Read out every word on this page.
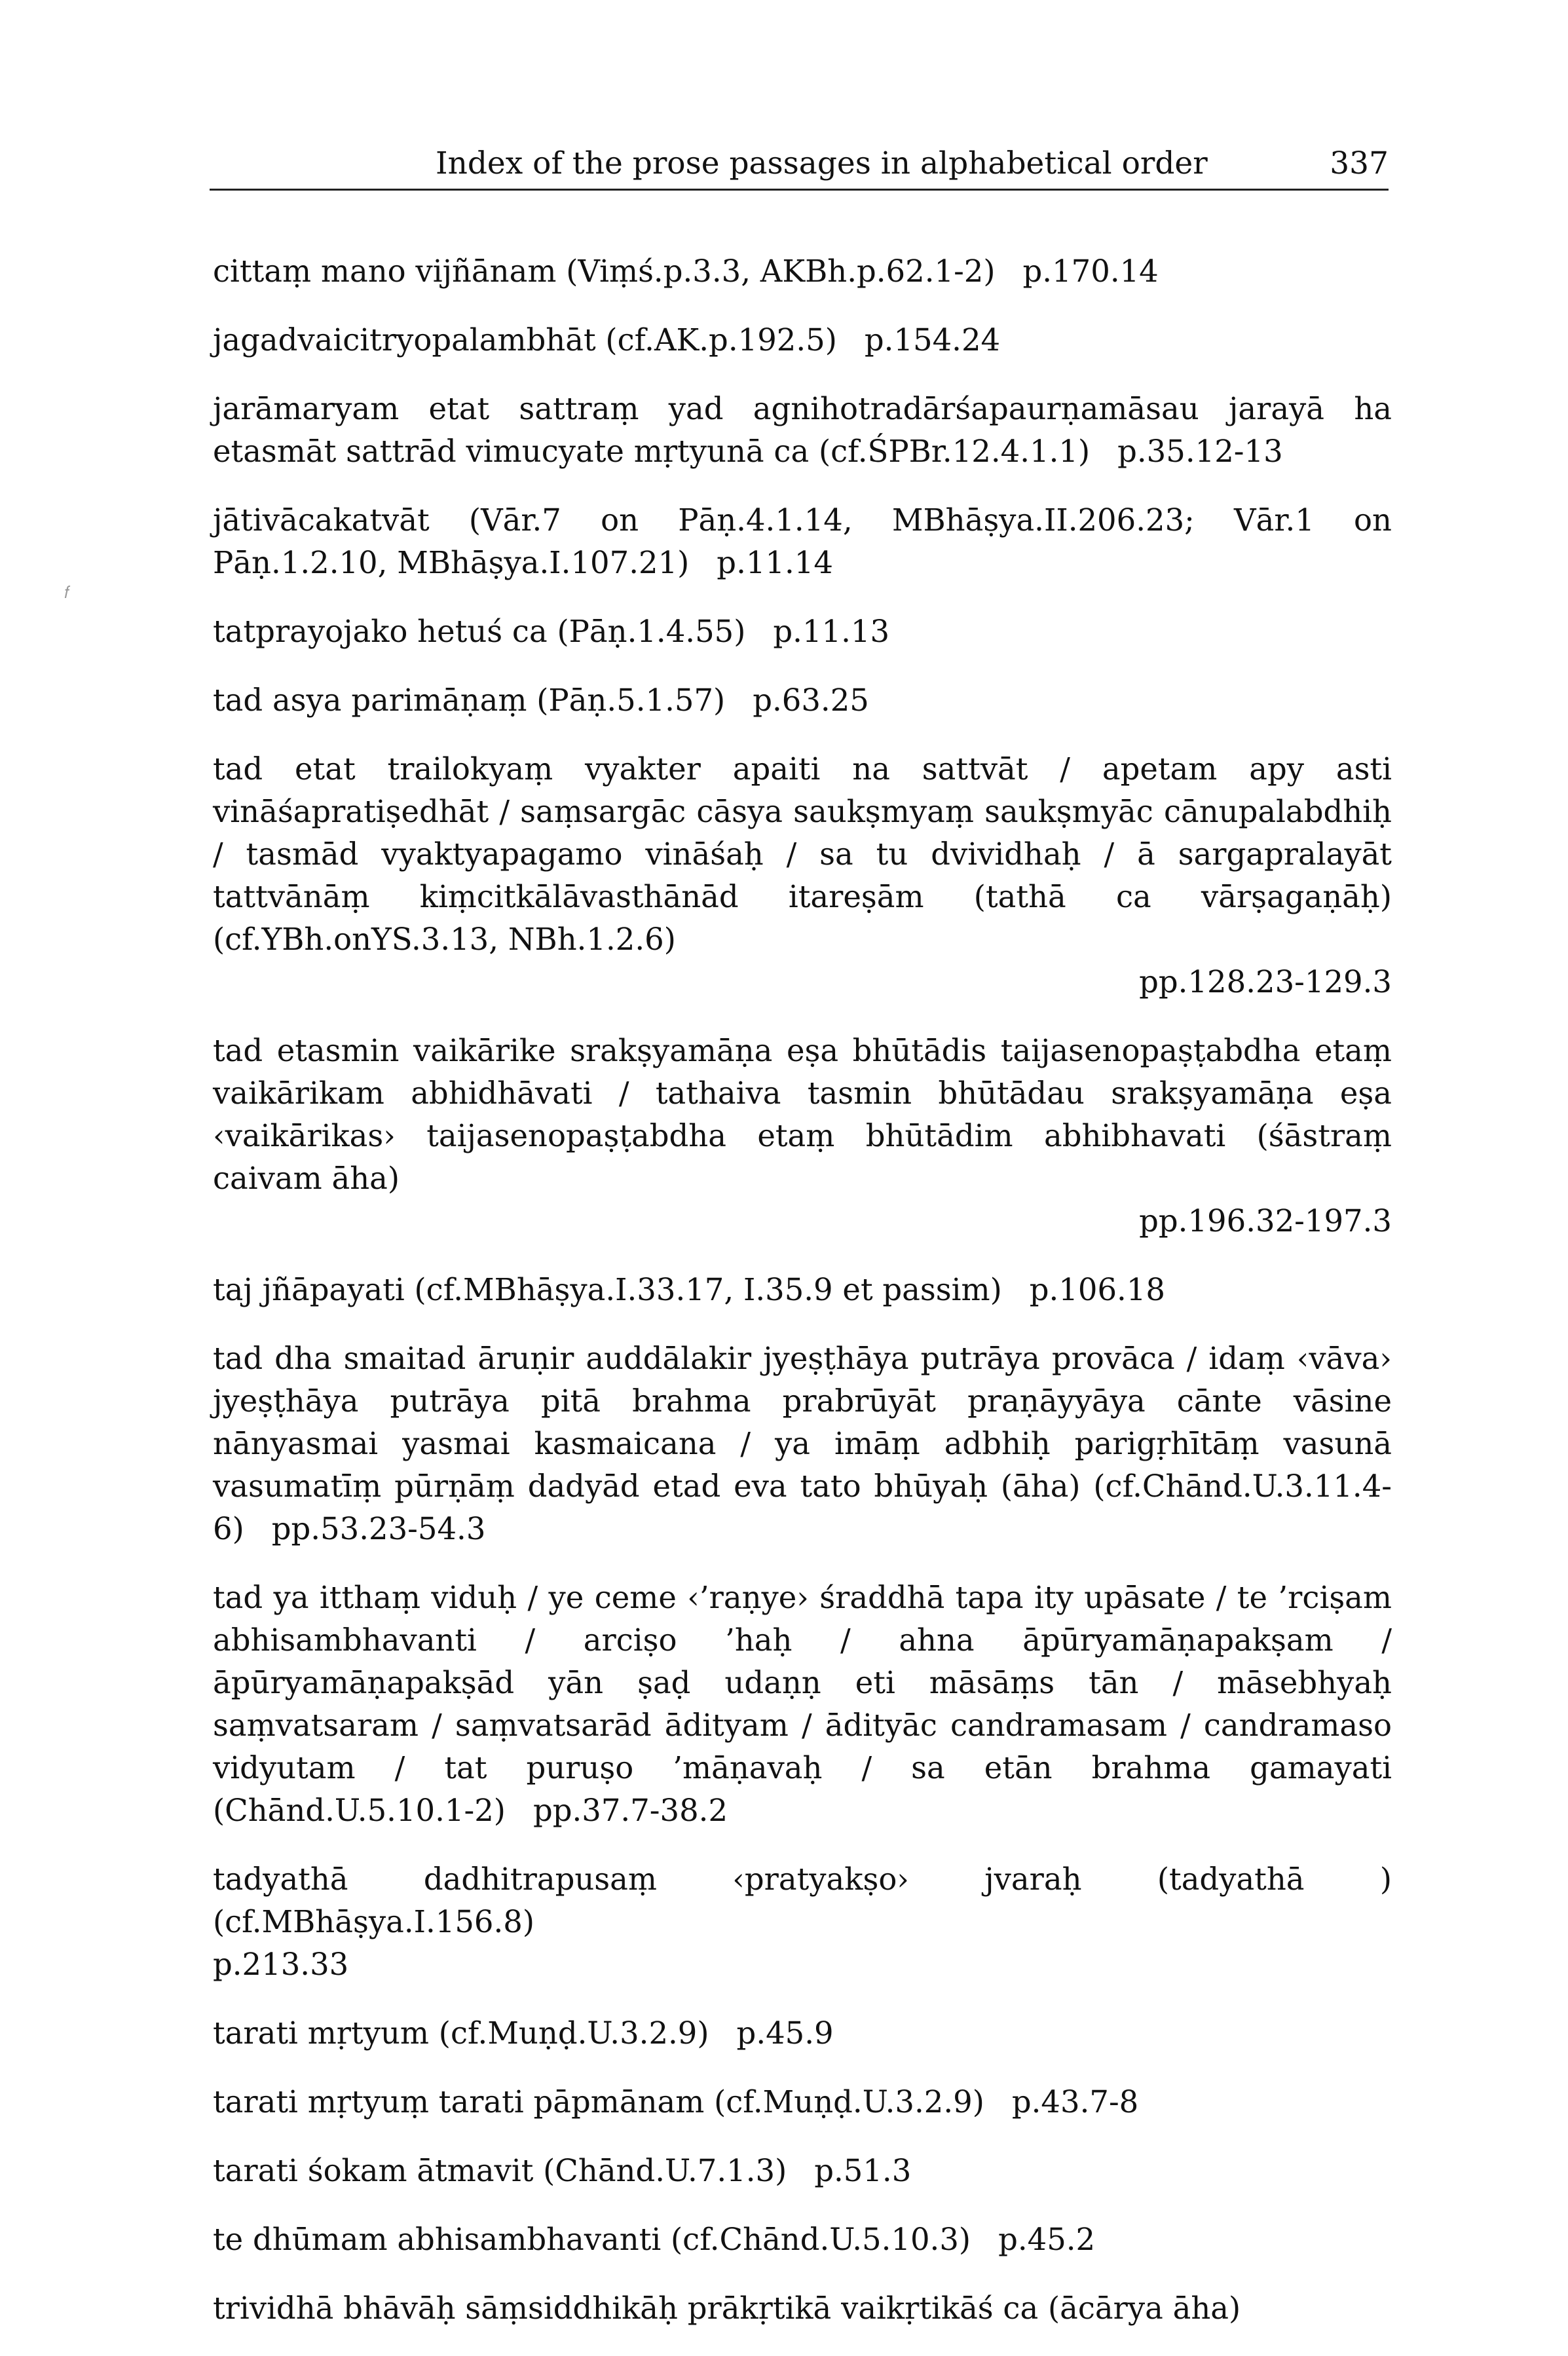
Index of the prose passages in alphabetical order	337
𝑓

cittaṃ mano vijñānam (Viṃś.p.3.3, AKBh.p.62.1-2) p.170.14

jagadvaicitryopalambhāt (cf.AK.p.192.5) p.154.24

jarāmaryam etat sattraṃ yad agnihotradārśapaurṇamāsau jarayā ha etasmāt sattrād vimucyate mṛtyunā ca (cf.ŚPBr.12.4.1.1) p.35.12-13

jātivācakatvāt (Vār.7 on Pāṇ.4.1.14, MBhāṣya.II.206.23; Vār.1 on Pāṇ.1.2.10, MBhāṣya.I.107.21) p.11.14

tatprayojako hetuś ca (Pāṇ.1.4.55) p.11.13

tad asya parimāṇaṃ (Pāṇ.5.1.57) p.63.25

tad etat trailokyaṃ vyakter apaiti na sattvāt / apetam apy asti vināśapratiṣedhāt / saṃsargāc cāsya saukṣmyaṃ saukṣmyāc cānupalabdhiḥ / tasmād vyaktyapagamo vināśaḥ / sa tu dvividhaḥ / ā sargapralayāt tattvānāṃ kiṃcitkālāvasthānād itareṣām (tathā ca vārṣagaṇāḥ) (cf.YBh.onYS.3.13, NBh.1.2.6)
pp.128.23-129.3

tad etasmin vaikārike srakṣyamāṇa eṣa bhūtādis taijasenopaṣṭabdha etaṃ vaikārikam abhidhāvati / tathaiva tasmin bhūtādau srakṣyamāṇa eṣa ‹vaikārikas› taijasenopaṣṭabdha etaṃ bhūtādim abhibhavati (śāstraṃ caivam āha)
pp.196.32-197.3

taj jñāpayati (cf.MBhāṣya.I.33.17, I.35.9 et passim) p.106.18

tad dha smaitad āruṇir auddālakir jyeṣṭhāya putrāya provāca / idaṃ ‹vāva› jyeṣṭhāya putrāya pitā brahma prabrūyāt praṇāyyāya cānte vāsine nānyasmai yasmai kasmaicana / ya imāṃ adbhiḥ parigṛhītāṃ vasunā vasumatīṃ pūrṇāṃ dadyād etad eva tato bhūyaḥ (āha) (cf.Chānd.U.3.11.4-6) pp.53.23-54.3

tad ya itthaṃ viduḥ / ye ceme ‹’raṇye› śraddhā tapa ity upāsate / te ’rciṣam abhisambhavanti / arciṣo ’haḥ / ahna āpūryamāṇapakṣam / āpūryamāṇapakṣād yān ṣaḍ udaṇṇ eti māsāṃs tān / māsebhyaḥ saṃvatsaram / saṃvatsarād ādityam / ādityāc candramasam / candramaso vidyutam / tat puruṣo ’māṇavaḥ / sa etān brahma gamayati (Chānd.U.5.10.1-2) pp.37.7-38.2

tadyathā dadhitrapusaṃ ‹pratyakṣo› jvaraḥ (tadyathā ) (cf.MBhāṣya.I.156.8)
p.213.33

tarati mṛtyum (cf.Muṇḍ.U.3.2.9) p.45.9

tarati mṛtyuṃ tarati pāpmānam (cf.Muṇḍ.U.3.2.9) p.43.7-8

tarati śokam ātmavit (Chānd.U.7.1.3) p.51.3

te dhūmam abhisambhavanti (cf.Chānd.U.5.10.3) p.45.2

trividhā bhāvāḥ sāṃsiddhikāḥ prākṛtikā vaikṛtikāś ca (ācārya āha)
